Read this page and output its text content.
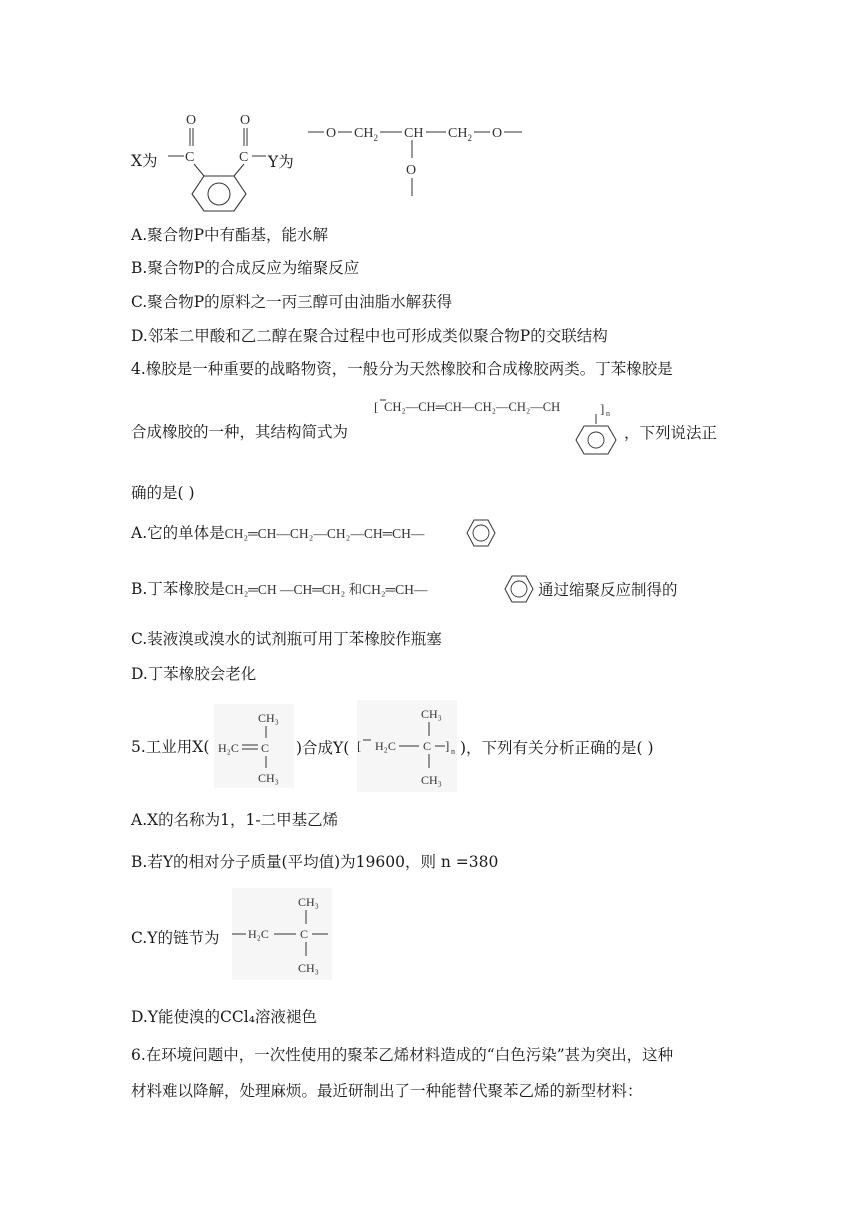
X为
O
C
O
C Y为
O $CH_2$ CH $CH_2$ O
O
A.聚合物P中有酯基，能水解
B.聚合物P的合成反应为缩聚反应
C.聚合物P的原料之一丙三醇可由油脂水解获得
D.邻苯二甲酸和乙二醇在聚合过程中也可形成类似聚合物P的交联结构
4.橡胶是一种重要的战略物资，一般分为天然橡胶和合成橡胶两类。丁苯橡胶是
合成橡胶的一种，其结构简式为
[ CH₂—CH═CH—CH₂—CH₂—CH	] n
，下列说法正
确的是( )
A.它的单体是CH₂═CH—CH₂—CH₂—CH═CH—
B.丁苯橡胶是CH₂═CH —CH═CH₂ 和CH₂═CH—	通过缩聚反应制得的
C.装液溴或溴水的试剂瓶可用丁苯橡胶作瓶塞
D.丁苯橡胶会老化
5.工业用X(
CH₃
H₂C C
CH₃
)合成Y(
CH₃
[ H₂C C ] n
CH₃
)，下列有关分析正确的是( )
A.X的名称为1，1-二甲基乙烯
B.若Y的相对分子质量(平均值)为19600，则 n =380
C.Y的链节为
CH₃
H₂C	C
CH₃
D.Y能使溴的CCl₄溶液褪色
6.在环境问题中，一次性使用的聚苯乙烯材料造成的“白色污染”甚为突出，这种
材料难以降解，处理麻烦。最近研制出了一种能替代聚苯乙烯的新型材料：
